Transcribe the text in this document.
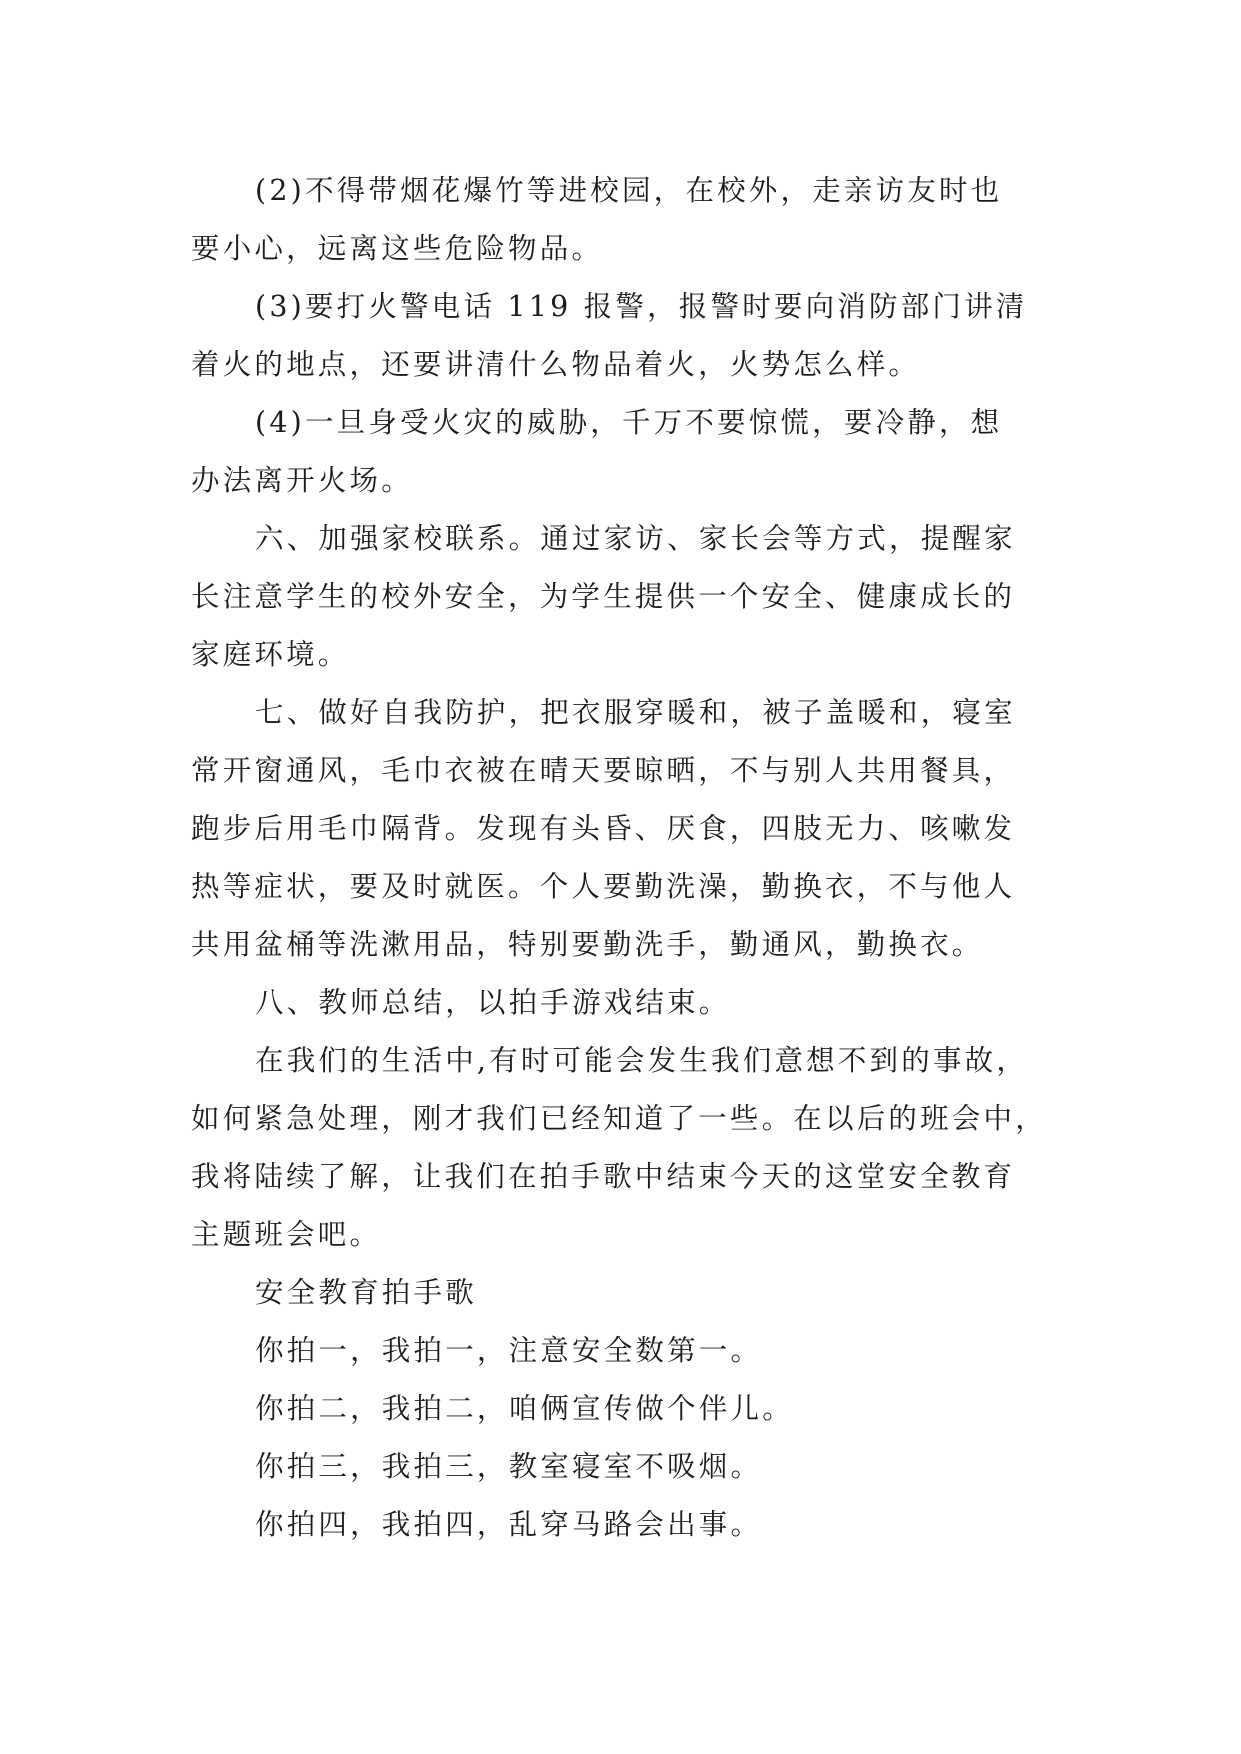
(2)不得带烟花爆竹等进校园，在校外，走亲访友时也
要小心，远离这些危险物品。

(3)要打火警电话 119 报警，报警时要向消防部门讲清
着火的地点，还要讲清什么物品着火，火势怎么样。

(4)一旦身受火灾的威胁，千万不要惊慌，要冷静，想
办法离开火场。

六、加强家校联系。通过家访、家长会等方式，提醒家
长注意学生的校外安全，为学生提供一个安全、健康成长的
家庭环境。

七、做好自我防护，把衣服穿暖和，被子盖暖和，寝室
常开窗通风，毛巾衣被在晴天要晾晒，不与别人共用餐具，
跑步后用毛巾隔背。发现有头昏、厌食，四肢无力、咳嗽发
热等症状，要及时就医。个人要勤洗澡，勤换衣，不与他人
共用盆桶等洗漱用品，特别要勤洗手，勤通风，勤换衣。

八、教师总结，以拍手游戏结束。

在我们的生活中,有时可能会发生我们意想不到的事故，
如何紧急处理，刚才我们已经知道了一些。在以后的班会中，
我将陆续了解，让我们在拍手歌中结束今天的这堂安全教育
主题班会吧。

安全教育拍手歌

你拍一，我拍一，注意安全数第一。

你拍二，我拍二，咱俩宣传做个伴儿。

你拍三，我拍三，教室寝室不吸烟。

你拍四，我拍四，乱穿马路会出事。
